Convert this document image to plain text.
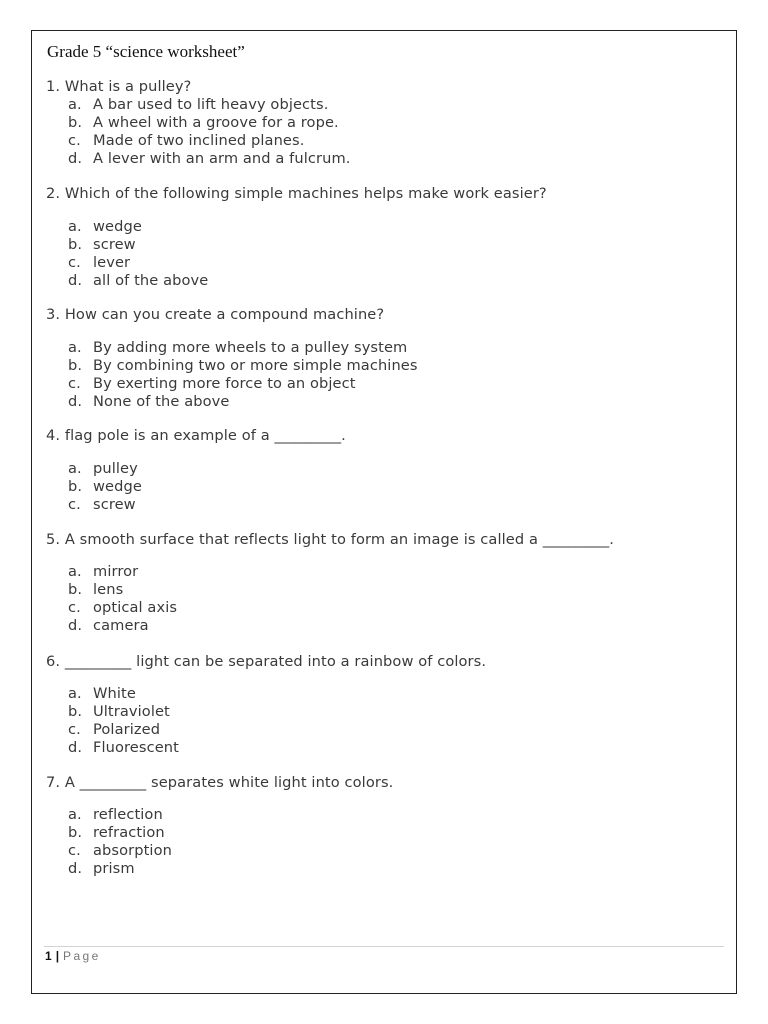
Grade 5 “science worksheet”
1. What is a pulley?
a. A bar used to lift heavy objects.
b. A wheel with a groove for a rope.
c. Made of two inclined planes.
d. A lever with an arm and a fulcrum.
2. Which of the following simple machines helps make work easier?
a. wedge
b. screw
c. lever
d. all of the above
3. How can you create a compound machine?
a. By adding more wheels to a pulley system
b. By combining two or more simple machines
c. By exerting more force to an object
d. None of the above
4. flag pole is an example of a _________.
a. pulley
b. wedge
c. screw
5. A smooth surface that reflects light to form an image is called a _________.
a. mirror
b. lens
c. optical axis
d. camera
6. _________ light can be separated into a rainbow of colors.
a. White
b. Ultraviolet
c. Polarized
d. Fluorescent
7. A _________ separates white light into colors.
a. reflection
b. refraction
c. absorption
d. prism
1 | Page
